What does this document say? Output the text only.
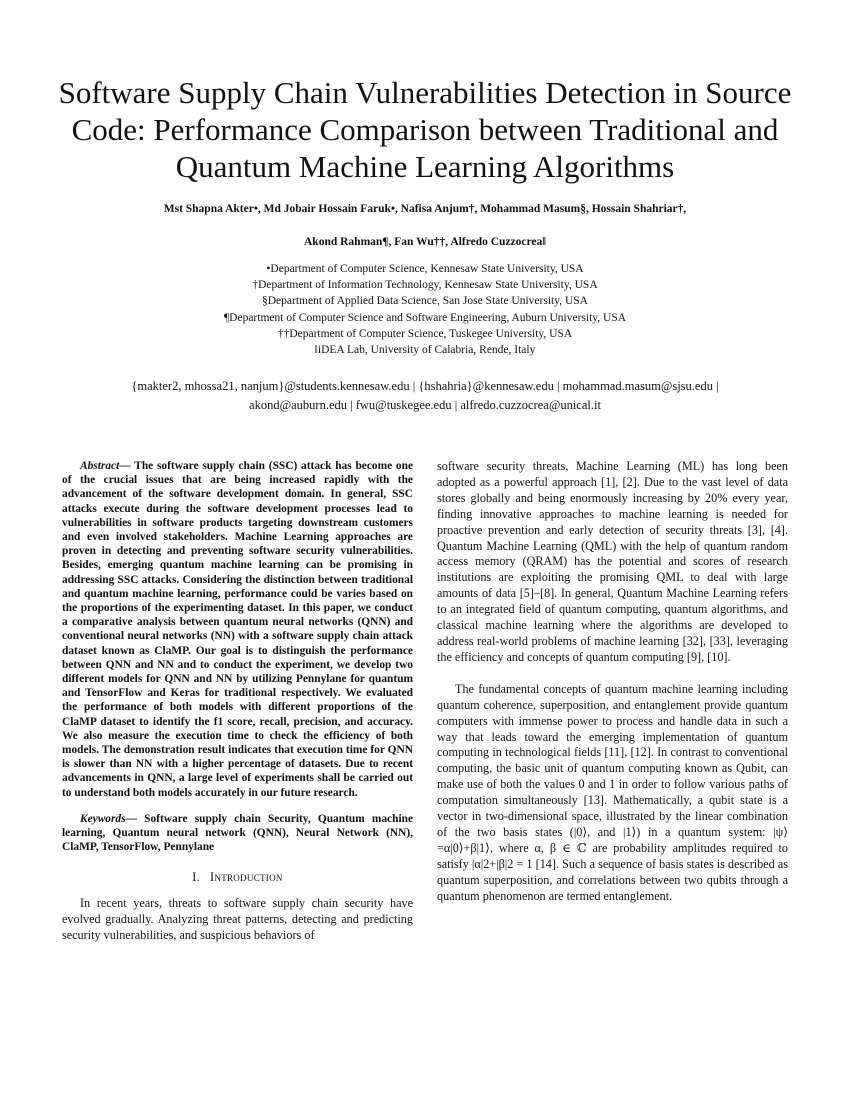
Software Supply Chain Vulnerabilities Detection in Source Code: Performance Comparison between Traditional and Quantum Machine Learning Algorithms

Mst Shapna Akter•, Md Jobair Hossain Faruk•, Nafisa Anjum†, Mohammad Masum§, Hossain Shahriar†,

Akond Rahman¶, Fan Wu††, Alfredo Cuzzocrea‖

•Department of Computer Science, Kennesaw State University, USA
†Department of Information Technology, Kennesaw State University, USA
§Department of Applied Data Science, San Jose State University, USA
¶Department of Computer Science and Software Engineering, Auburn University, USA
††Department of Computer Science, Tuskegee University, USA
‖iDEA Lab, University of Calabria, Rende, Italy
{makter2, mhossa21, nanjum}@students.kennesaw.edu | {hshahria}@kennesaw.edu | mohammad.masum@sjsu.edu |
akond@auburn.edu | fwu@tuskegee.edu | alfredo.cuzzocrea@unical.it

Abstract— The software supply chain (SSC) attack has become one of the crucial issues that are being increased rapidly with the advancement of the software development domain. In general, SSC attacks execute during the software development processes lead to vulnerabilities in software products targeting downstream customers and even involved stakeholders. Machine Learning approaches are proven in detecting and preventing software security vulnerabilities. Besides, emerging quantum machine learning can be promising in addressing SSC attacks. Considering the distinction between traditional and quantum machine learning, performance could be varies based on the proportions of the experimenting dataset. In this paper, we conduct a comparative analysis between quantum neural networks (QNN) and conventional neural networks (NN) with a software supply chain attack dataset known as ClaMP. Our goal is to distinguish the performance between QNN and NN and to conduct the experiment, we develop two different models for QNN and NN by utilizing Pennylane for quantum and TensorFlow and Keras for traditional respectively. We evaluated the performance of both models with different proportions of the ClaMP dataset to identify the f1 score, recall, precision, and accuracy. We also measure the execution time to check the efficiency of both models. The demonstration result indicates that execution time for QNN is slower than NN with a higher percentage of datasets. Due to recent advancements in QNN, a large level of experiments shall be carried out to understand both models accurately in our future research.

Keywords— Software supply chain Security, Quantum machine learning, Quantum neural network (QNN), Neural Network (NN), ClaMP, TensorFlow, Pennylane

I. Introduction

In recent years, threats to software supply chain security have evolved gradually. Analyzing threat patterns, detecting and predicting security vulnerabilities, and suspicious behaviors of

software security threats, Machine Learning (ML) has long been adopted as a powerful approach [1], [2]. Due to the vast level of data stores globally and being enormously increasing by 20% every year, finding innovative approaches to machine learning is needed for proactive prevention and early detection of security threats [3], [4]. Quantum Machine Learning (QML) with the help of quantum random access memory (QRAM) has the potential and scores of research institutions are exploiting the promising QML to deal with large amounts of data [5]–[8]. In general, Quantum Machine Learning refers to an integrated field of quantum computing, quantum algorithms, and classical machine learning where the algorithms are developed to address real-world problems of machine learning [32], [33], leveraging the efficiency and concepts of quantum computing [9], [10].

The fundamental concepts of quantum machine learning including quantum coherence, superposition, and entanglement provide quantum computers with immense power to process and handle data in such a way that leads toward the emerging implementation of quantum computing in technological fields [11], [12]. In contrast to conventional computing, the basic unit of quantum computing known as Qubit, can make use of both the values 0 and 1 in order to follow various paths of computation simultaneously [13]. Mathematically, a qubit state is a vector in two-dimensional space, illustrated by the linear combination of the two basis states (|0⟩, and |1⟩) in a quantum system: |ψ⟩=α|0⟩+β|1⟩, where α, β ∈ ℂ are probability amplitudes required to satisfy |α|2+|β|2 = 1 [14]. Such a sequence of basis states is described as quantum superposition, and correlations between two qubits through a quantum phenomenon are termed entanglement.
